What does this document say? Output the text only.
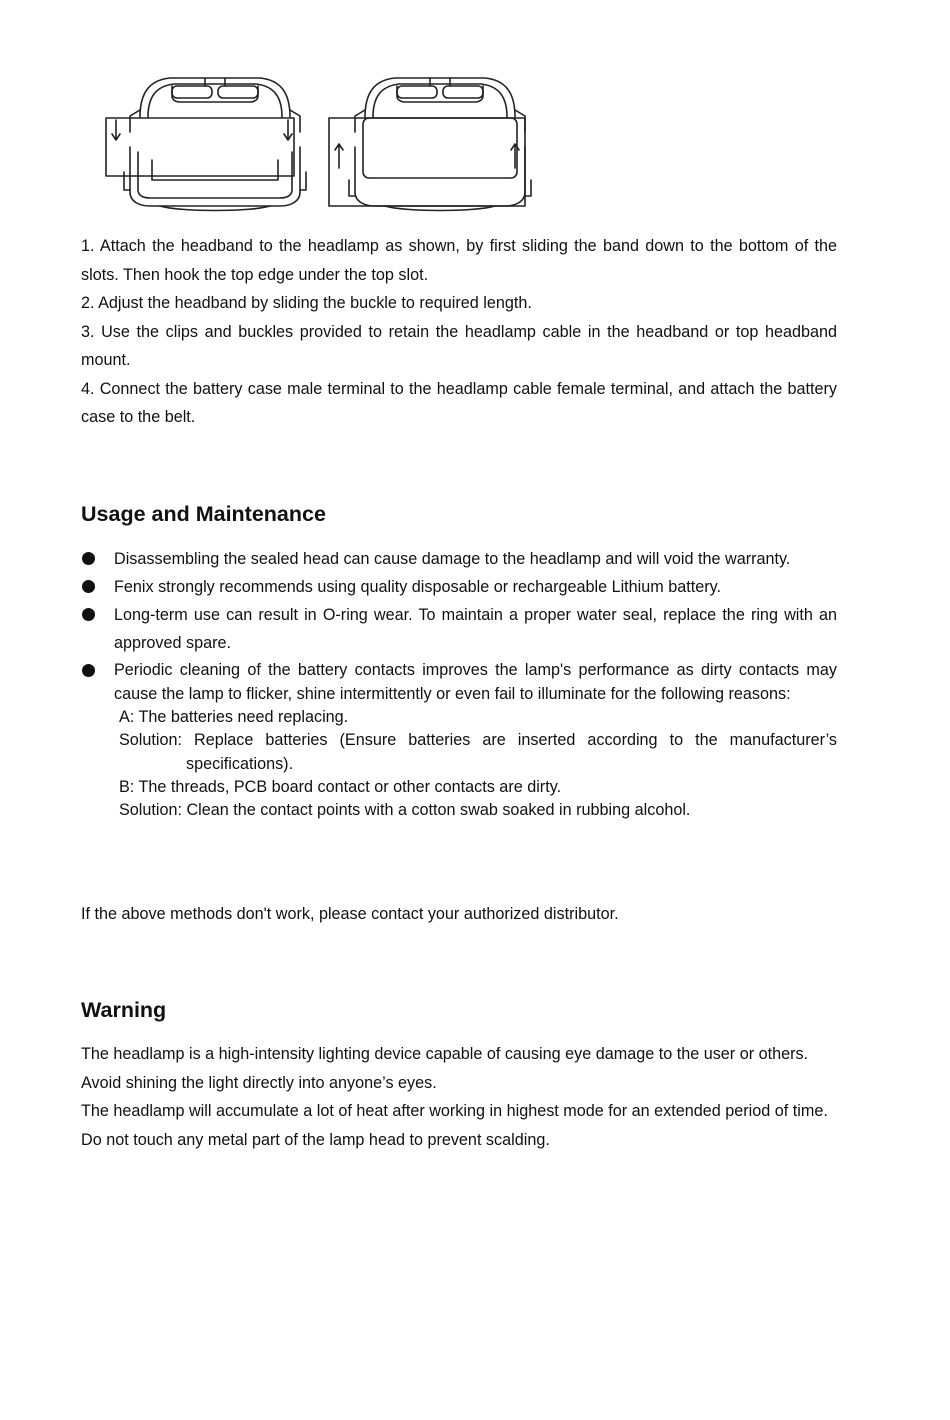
1. Attach the headband to the headlamp as shown, by first sliding the band down to the bottom of the slots. Then hook the top edge under the top slot.

2. Adjust the headband by sliding the buckle to required length.

3. Use the clips and buckles provided to retain the headlamp cable in the headband or top headband mount.

4. Connect the battery case male terminal to the headlamp cable female terminal, and attach the battery case to the belt.

Usage and Maintenance
Disassembling the sealed head can cause damage to the headlamp and will void the warranty.
Fenix strongly recommends using quality disposable or rechargeable Lithium battery.
Long-term use can result in O-ring wear. To maintain a proper water seal, replace the ring with an approved spare.
Periodic cleaning of the battery contacts improves the lamp's performance as dirty contacts may cause the lamp to flicker, shine intermittently or even fail to illuminate for the following reasons:

A: The batteries need replacing.

Solution: Replace batteries (Ensure batteries are inserted according to the manufacturer’s
specifications).

B: The threads, PCB board contact or other contacts are dirty.

Solution: Clean the contact points with a cotton swab soaked in rubbing alcohol.

If the above methods don't work, please contact your authorized distributor.

Warning

The headlamp is a high-intensity lighting device capable of causing eye damage to the user or others. Avoid shining the light directly into anyone’s eyes.

The headlamp will accumulate a lot of heat after working in highest mode for an extended period of time. Do not touch any metal part of the lamp head to prevent scalding.
